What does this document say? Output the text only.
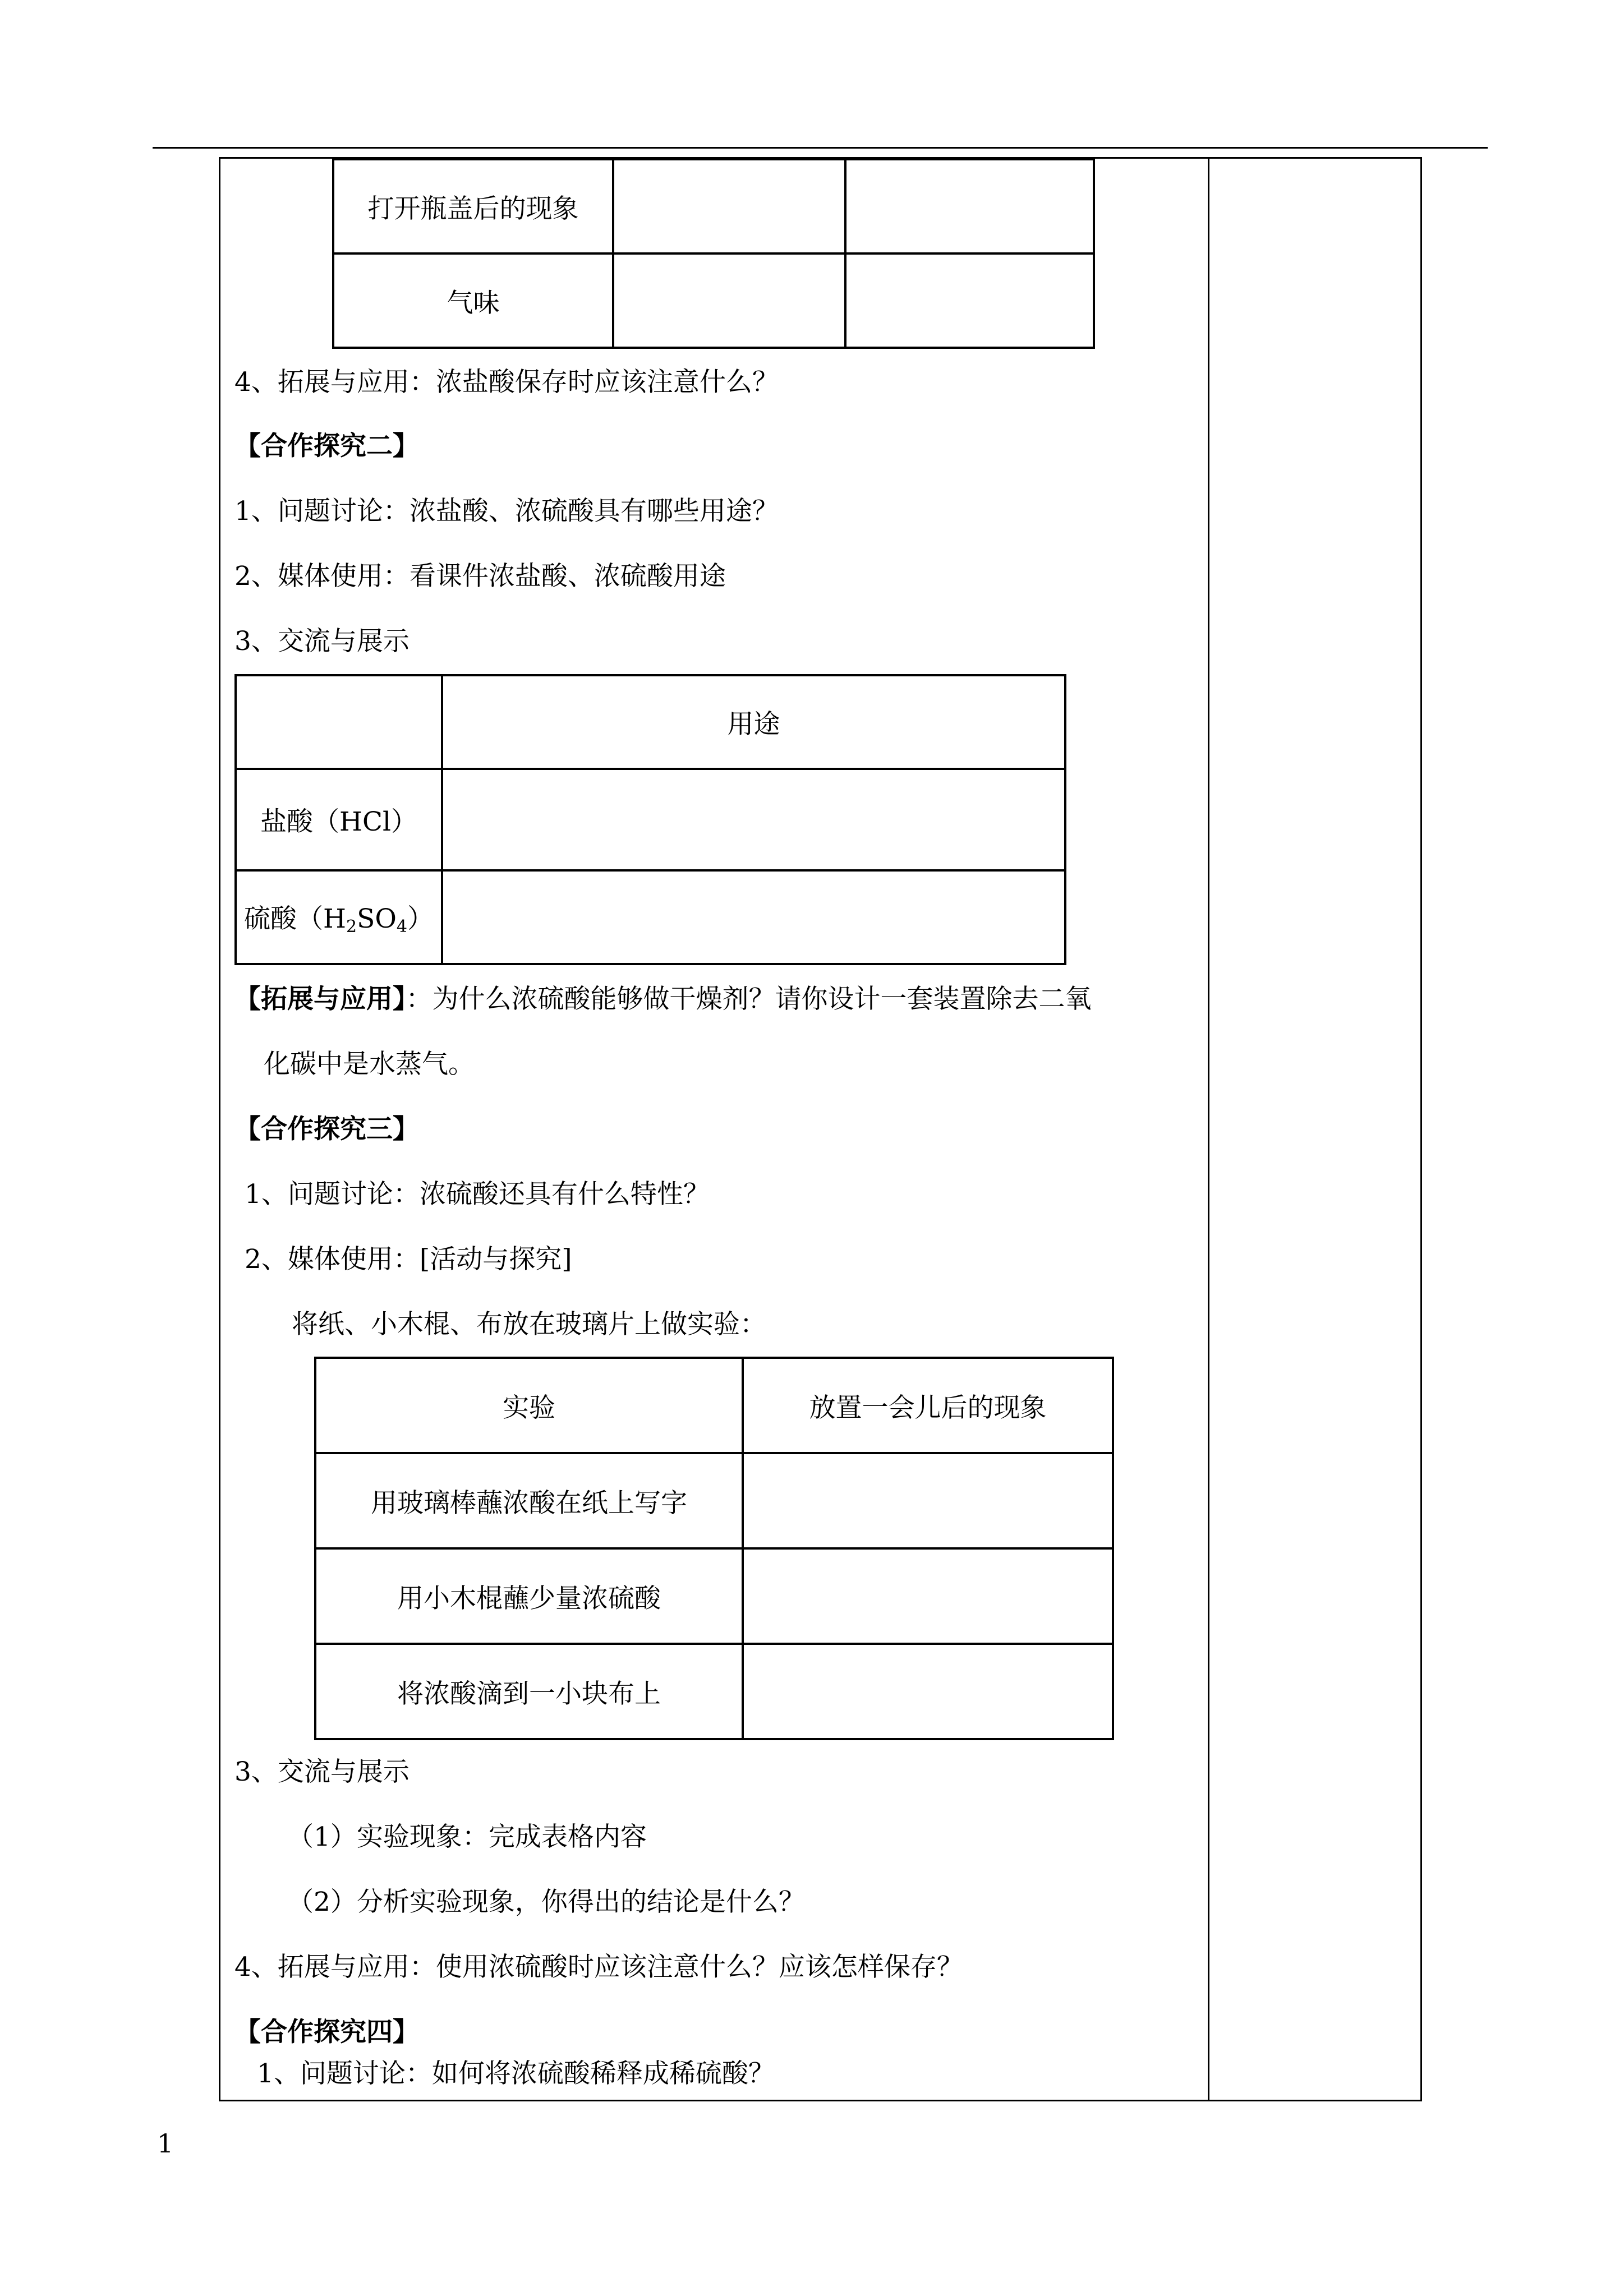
打开瓶盖后的现象		
气味		
4、拓展与应用：浓盐酸保存时应该注意什么？
【合作探究二】
1、问题讨论：浓盐酸、浓硫酸具有哪些用途？
2、媒体使用：看课件浓盐酸、浓硫酸用途
3、交流与展示
	用途
盐酸（HCl）	
硫酸$(H_2SO_4)$	
【拓展与应用】：为什么浓硫酸能够做干燥剂？请你设计一套装置除去二氧
化碳中是水蒸气。
【合作探究三】
1、问题讨论：浓硫酸还具有什么特性？
2、媒体使用：[活动与探究]
将纸、小木棍、布放在玻璃片上做实验：
实验	放置一会儿后的现象
用玻璃棒蘸浓酸在纸上写字	
用小木棍蘸少量浓硫酸	
将浓酸滴到一小块布上	
3、交流与展示
（1）实验现象：完成表格内容
（2）分析实验现象，你得出的结论是什么？
4、拓展与应用：使用浓硫酸时应该注意什么？应该怎样保存？
【合作探究四】
1、问题讨论：如何将浓硫酸稀释成稀硫酸？
1
